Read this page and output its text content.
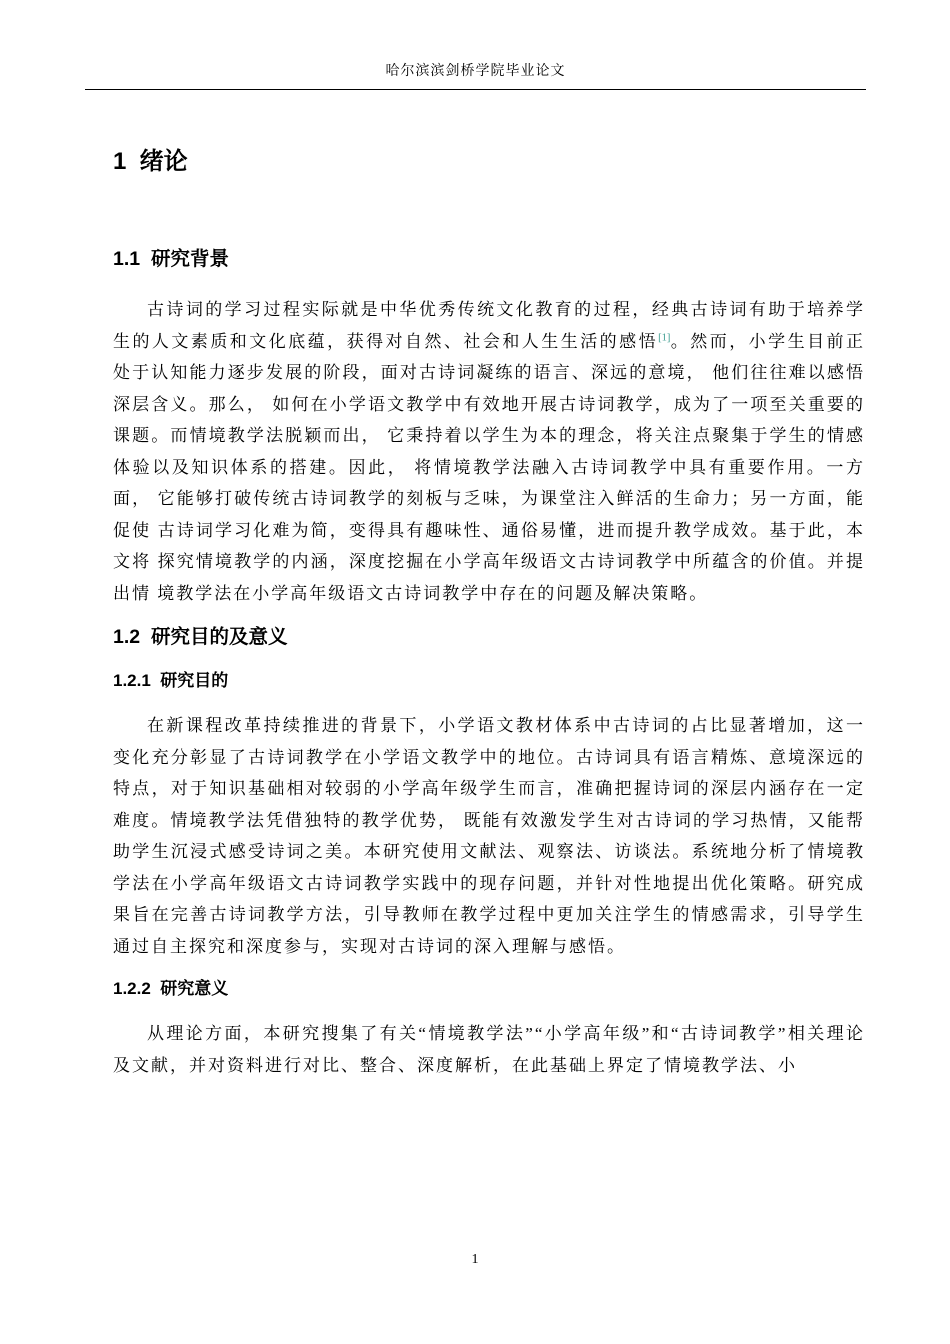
哈尔滨滨剑桥学院毕业论文
1  绪论
1.1  研究背景

古诗词的学习过程实际就是中华优秀传统文化教育的过程，经典古诗词有助于培养学生的人文素质和文化底蕴，获得对自然、社会和人生生活的感悟[1]。然而，小学生目前正处于认知能力逐步发展的阶段，面对古诗词凝练的语言、深远的意境， 他们往往难以感悟深层含义。那么， 如何在小学语文教学中有效地开展古诗词教学，成为了一项至关重要的课题。而情境教学法脱颖而出， 它秉持着以学生为本的理念，将关注点聚集于学生的情感体验以及知识体系的搭建。因此， 将情境教学法融入古诗词教学中具有重要作用。一方面， 它能够打破传统古诗词教学的刻板与乏味，为课堂注入鲜活的生命力；另一方面，能促使 古诗词学习化难为简，变得具有趣味性、通俗易懂，进而提升教学成效。基于此，本文将 探究情境教学的内涵，深度挖掘在小学高年级语文古诗词教学中所蕴含的价值。并提出情 境教学法在小学高年级语文古诗词教学中存在的问题及解决策略。

1.2  研究目的及意义
1.2.1  研究目的

在新课程改革持续推进的背景下，小学语文教材体系中古诗词的占比显著增加，这一变化充分彰显了古诗词教学在小学语文教学中的地位。古诗词具有语言精炼、意境深远的特点，对于知识基础相对较弱的小学高年级学生而言，准确把握诗词的深层内涵存在一定难度。情境教学法凭借独特的教学优势， 既能有效激发学生对古诗词的学习热情，又能帮 助学生沉浸式感受诗词之美。本研究使用文献法、观察法、访谈法。系统地分析了情境教 学法在小学高年级语文古诗词教学实践中的现存问题，并针对性地提出优化策略。研究成 果旨在完善古诗词教学方法，引导教师在教学过程中更加关注学生的情感需求，引导学生 通过自主探究和深度参与，实现对古诗词的深入理解与感悟。

1.2.2  研究意义

从理论方面，本研究搜集了有关“情境教学法”“小学高年级”和“古诗词教学”相关理论及文献，并对资料进行对比、整合、深度解析，在此基础上界定了情境教学法、小

1
